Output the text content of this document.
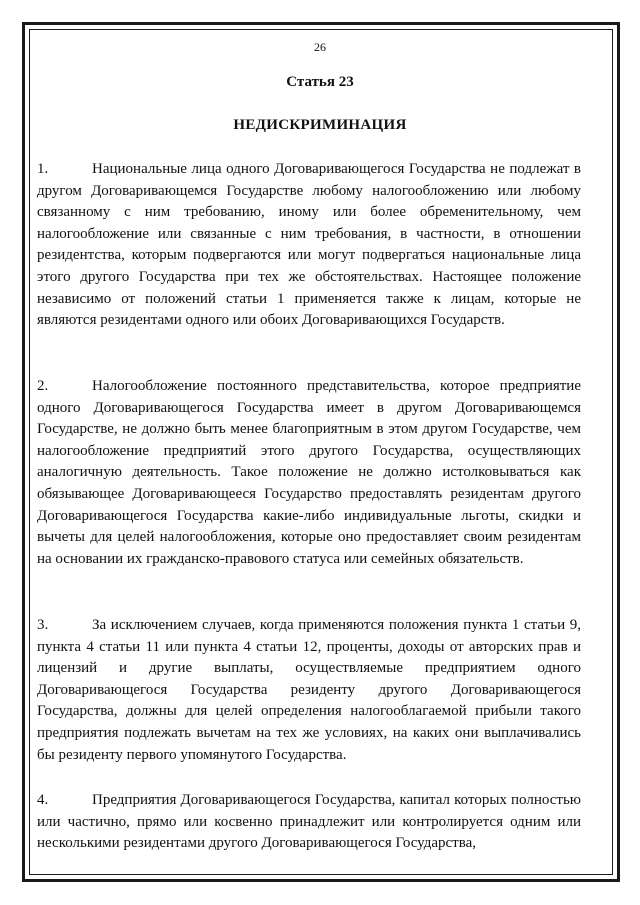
26
Статья 23
НЕДИСКРИМИНАЦИЯ
1.	Национальные лица одного Договаривающегося Государства не подлежат в другом Договаривающемся Государстве любому налогообложению или любому связанному с ним требованию, иному или более обременительному, чем налогообложение или связанные с ним требования, в частности, в отношении резидентства, которым подвергаются или могут подвергаться национальные лица этого другого Государства при тех же обстоятельствах. Настоящее положение независимо от положений статьи 1 применяется также к лицам, которые не являются резидентами одного или обоих Договаривающихся Государств.
2.	Налогообложение постоянного представительства, которое предприятие одного Договаривающегося Государства имеет в другом Договаривающемся Государстве, не должно быть менее благоприятным в этом другом Государстве, чем налогообложение предприятий этого другого Государства, осуществляющих аналогичную деятельность. Такое положение не должно истолковываться как обязывающее Договаривающееся Государство предоставлять резидентам другого Договаривающегося Государства какие-либо индивидуальные льготы, скидки и вычеты для целей налогообложения, которые оно предоставляет своим резидентам на основании их гражданско-правового статуса или семейных обязательств.
3.	За исключением случаев, когда применяются положения пункта 1 статьи 9, пункта 4 статьи 11 или пункта 4 статьи 12, проценты, доходы от авторских прав и лицензий и другие выплаты, осуществляемые предприятием одного Договаривающегося Государства резиденту другого Договаривающегося Государства, должны для целей определения налогооблагаемой прибыли такого предприятия подлежать вычетам на тех же условиях, на каких они выплачивались бы резиденту первого упомянутого Государства.
4.	Предприятия Договаривающегося Государства, капитал которых полностью или частично, прямо или косвенно принадлежит или контролируется одним или несколькими резидентами другого Договаривающегося Государства,
